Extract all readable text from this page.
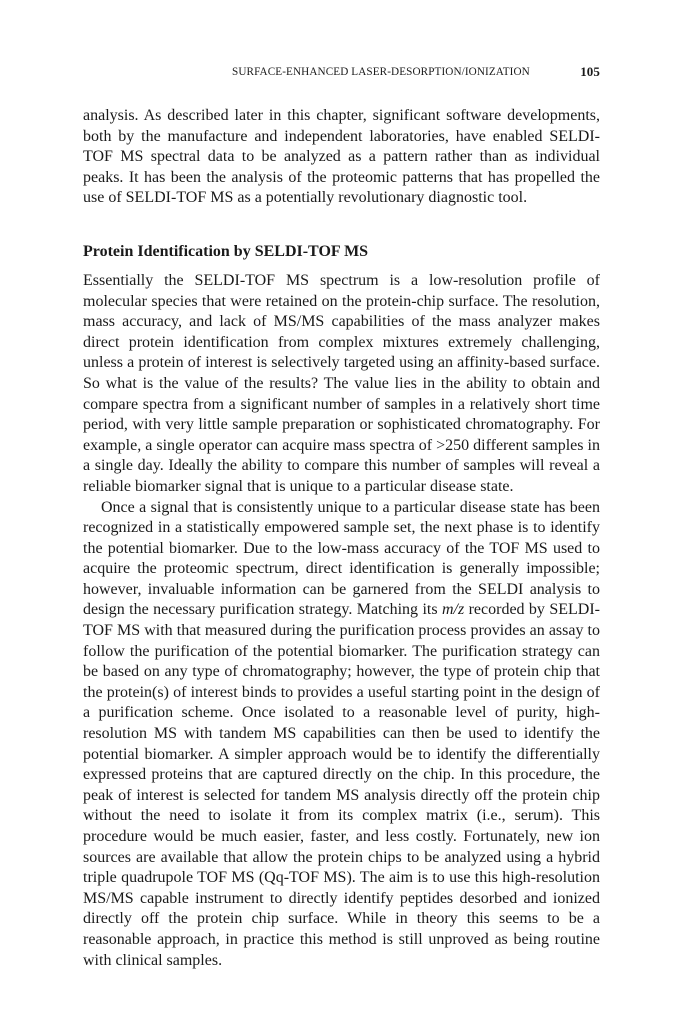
SURFACE-ENHANCED LASER-DESORPTION/IONIZATION	105

analysis. As described later in this chapter, significant software developments, both by the manufacture and independent laboratories, have enabled SELDI-TOF MS spectral data to be analyzed as a pattern rather than as individual peaks. It has been the analysis of the proteomic patterns that has propelled the use of SELDI-TOF MS as a potentially revolutionary diagnostic tool.

Protein Identification by SELDI-TOF MS

Essentially the SELDI-TOF MS spectrum is a low-resolution profile of molecular species that were retained on the protein-chip surface. The resolution, mass accuracy, and lack of MS/MS capabilities of the mass analyzer makes direct protein identification from complex mixtures extremely challenging, unless a protein of interest is selectively targeted using an affinity-based surface. So what is the value of the results? The value lies in the ability to obtain and compare spectra from a significant number of samples in a relatively short time period, with very little sample preparation or sophisticated chromatography. For example, a single operator can acquire mass spectra of >250 different samples in a single day. Ideally the ability to compare this number of samples will reveal a reliable biomarker signal that is unique to a particular disease state.

Once a signal that is consistently unique to a particular disease state has been recognized in a statistically empowered sample set, the next phase is to identify the potential biomarker. Due to the low-mass accuracy of the TOF MS used to acquire the proteomic spectrum, direct identification is generally impossible; however, invaluable information can be garnered from the SELDI analysis to design the necessary purification strategy. Matching its m/z recorded by SELDI-TOF MS with that measured during the purification process provides an assay to follow the purification of the potential biomarker. The purification strategy can be based on any type of chromatography; however, the type of protein chip that the protein(s) of interest binds to provides a useful starting point in the design of a purification scheme. Once isolated to a reasonable level of purity, high-resolution MS with tandem MS capabilities can then be used to identify the potential biomarker. A simpler approach would be to identify the differentially expressed proteins that are captured directly on the chip. In this procedure, the peak of interest is selected for tandem MS analysis directly off the protein chip without the need to isolate it from its complex matrix (i.e., serum). This procedure would be much easier, faster, and less costly. Fortunately, new ion sources are available that allow the protein chips to be analyzed using a hybrid triple quadrupole TOF MS (Qq-TOF MS). The aim is to use this high-resolution MS/MS capable instrument to directly identify peptides desorbed and ionized directly off the protein chip surface. While in theory this seems to be a reasonable approach, in practice this method is still unproved as being routine with clinical samples.
